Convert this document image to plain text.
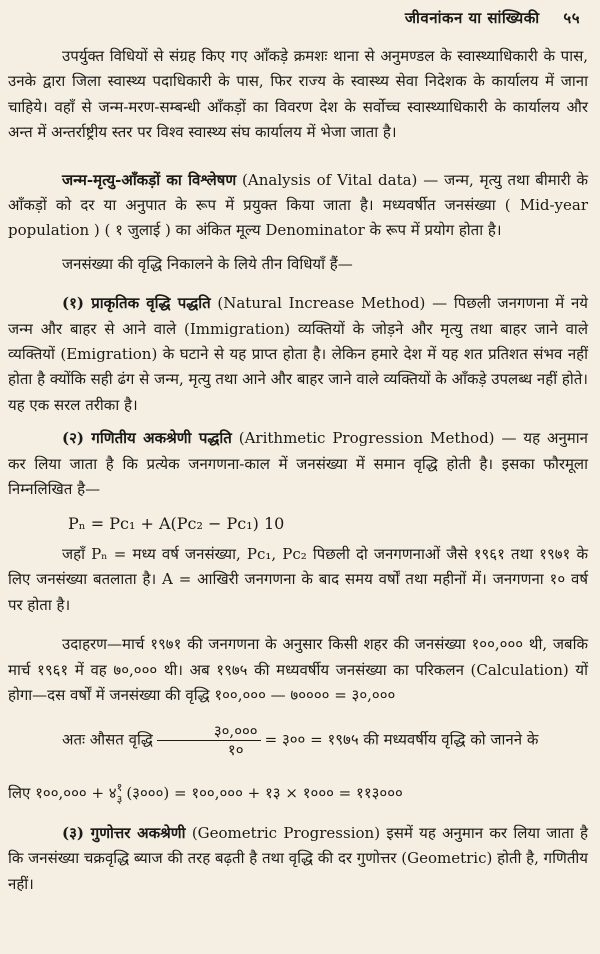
जीवनांकन या सांख्यिकी ५५

उपर्युक्त विधियों से संग्रह किए गए आँकड़े क्रमशः थाना से अनुमण्डल के स्वास्थ्याधिकारी के पास, उनके द्वारा जिला स्वास्थ्य पदाधिकारी के पास, फिर राज्य के स्वास्थ्य सेवा निदेशक के कार्यालय में जाना चाहिये। वहाँ से जन्म-मरण-सम्बन्धी आँकड़ों का विवरण देश के सर्वोच्च स्वास्थ्याधिकारी के कार्यालय और अन्त में अन्तर्राष्ट्रीय स्तर पर विश्व स्वास्थ्य संघ कार्यालय में भेजा जाता है।

जन्म-मृत्यु-आँकड़ों का विश्लेषण (Analysis of Vital data) — जन्म, मृत्यु तथा बीमारी के आँकड़ों को दर या अनुपात के रूप में प्रयुक्त किया जाता है। मध्यवर्षीत जनसंख्या ( Mid-year population ) ( १ जुलाई ) का अंकित मूल्य Denominator के रूप में प्रयोग होता है।

जनसंख्या की वृद्धि निकालने के लिये तीन विधियाँ हैं—

(१) प्राकृतिक वृद्धि पद्धति (Natural Increase Method) — पिछली जनगणना में नये जन्म और बाहर से आने वाले (Immigration) व्यक्तियों के जोड़ने और मृत्यु तथा बाहर जाने वाले व्यक्तियों (Emigration) के घटाने से यह प्राप्त होता है। लेकिन हमारे देश में यह शत प्रतिशत संभव नहीं होता है क्योंकि सही ढंग से जन्म, मृत्यु तथा आने और बाहर जाने वाले व्यक्तियों के आँकड़े उपलब्ध नहीं होते। यह एक सरल तरीका है।

(२) गणितीय अकश्रेणी पद्धति (Arithmetic Progression Method) — यह अनुमान कर लिया जाता है कि प्रत्येक जनगणना-काल में जनसंख्या में समान वृद्धि होती है। इसका फौरमूला निम्नलिखित है—

Pₙ = Pc₁ + A(Pc₂ − Pc₁) 10

जहाँ Pₙ = मध्य वर्ष जनसंख्या, Pc₁, Pc₂ पिछली दो जनगणनाओं जैसे १९६१ तथा १९७१ के लिए जनसंख्या बतलाता है। A = आखिरी जनगणना के बाद समय वर्षों तथा महीनों में। जनगणना १० वर्ष पर होता है।

उदाहरण—मार्च १९७१ की जनगणना के अनुसार किसी शहर की जनसंख्या १००,००० थी, जबकि मार्च १९६१ में वह ७०,००० थी। अब १९७५ की मध्यवर्षीय जनसंख्या का परिकलन (Calculation) यों होगा—दस वर्षों में जनसंख्या की वृद्धि १००,००० — ७०००० = ३०,०००

अतः औसत वृद्धि $\frac{३०,०००}{१०}$ = ३०० = १९७५ की मध्यवर्षीय वृद्धि को जानने के

लिए १००,००० + ४ १
३ (३०००) = १००,००० + १३ × १००० = ११३०००

(३) गुणोत्तर अकश्रेणी (Geometric Progression) इसमें यह अनुमान कर लिया जाता है कि जनसंख्या चक्रवृद्धि ब्याज की तरह बढ़ती है तथा वृद्धि की दर गुणोत्तर (Geometric) होती है, गणितीय नहीं।
